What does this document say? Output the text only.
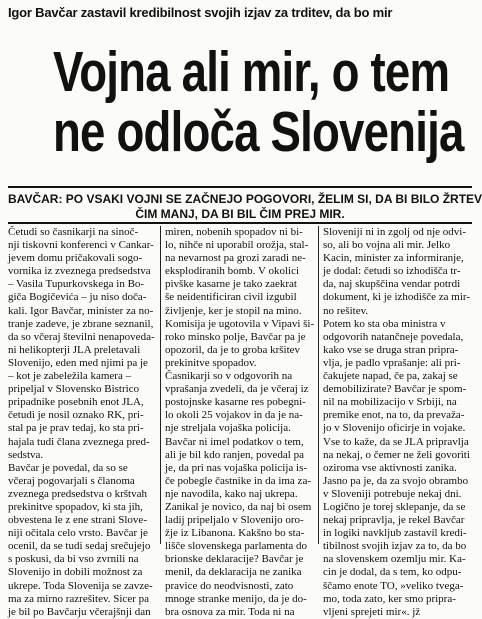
Igor Bavčar zastavil kredibilnost svojih izjav za trditev, da bo mir
Vojna ali mir, o tem
ne odloča Slovenija
BAVČAR: PO VSAKI VOJNI SE ZAČNEJO POGOVORI, ŽELIM SI, DA BI BILO ŽRTEV
ČIM MANJ, DA BI BIL ČIM PREJ MIR.
Četudi so časnikarji na sinoč-
nji tiskovni konferenci v Cankar-
jevem domu pričakovali sogo-
vornika iz zveznega predsedstva
– Vasila Tupurkovskega in Bo-
giča Bogičevića – ju niso doča-
kali. Igor Bavčar, minister za no-
tranje zadeve, je zbrane seznanil,
da so včeraj številni nenapoveda-
ni helikopterji JLA preletavali
Slovenijo, eden med njimi pa je
– kot je zabeležila kamera –
pripeljal v Slovensko Bistrico
pripadnike posebnih enot JLA,
četudi je nosil oznako RK, pri-
stal pa je prav tedaj, ko sta pri-
hajala tudi člana zveznega pred-
sedstva.
Bavčar je povedal, da so se
včeraj pogovarjali s članoma
zveznega predsedstva o krštvah
prekinitve spopadov, ki sta jih,
obvestena le z ene strani Slove-
niji očitala celo vrsto. Bavčar je
ocenil, da se tudi sedaj srečujejo
s poskusi, da bi vso zvrnili na
Slovenijo in dobili možnost za
ukrepe. Toda Slovenija se zavze-
ma za mirno razrešitev. Sicer pa
je bil po Bavčarju včerajšnji dan
miren, nobenih spopadov ni bi-
lo, nihče ni uporabil orožja, stal-
na nevarnost pa grozi zaradi ne-
eksplodiranih bomb. V okolici
pivške kasarne je tako zaekrat
še neidentificiran civil izgubil
življenje, ker je stopil na mino.
Komisija je ugotovila v Vipavi ši-
roko minsko polje, Bavčar pa je
opozoril, da je to groba kršitev
prekinitve spopadov.
Časnikarji so v odgovorih na
vprašanja zvedeli, da je včeraj iz
postojnske kasarne res pobegni-
lo okoli 25 vojakov in da je na-
nje streljala vojaška policija.
Bavčar ni imel podatkov o tem,
ali je bil kdo ranjen, povedal pa
je, da pri nas vojaška policija is-
če pobegle častnike in da ima za-
nje navodila, kako naj ukrepa.
Zanikal je novico, da naj bi osem
ladij pripeljalo v Slovenijo oro-
žje iz Libanona. Kakšno bo sta-
lišče slovenskega parlamenta do
brionske deklaracije? Bavčar je
menil, da deklaracija ne zanika
pravice do neodvisnosti, zato
mnoge stranke menijo, da je do-
bra osnova za mir. Toda ni na
Sloveniji ni in zgolj od nje odvi-
so, ali bo vojna ali mir. Jelko
Kacin, minister za informiranje,
je dodal: četudi so izhodišča tr-
da, naj skupščina vendar potrdi
dokument, ki je izhodišče za mir-
no rešitev.
Potem ko sta oba ministra v
odgovorih natančneje povedala,
kako vse se druga stran pripra-
vlja, je padlo vprašanje: ali pri-
čakujete napad, če pa, zakaj se
demobilizirate? Bavčar je spom-
nil na mobilizacijo v Srbiji, na
premike enot, na to, da prevaža-
jo v Slovenijo oficirje in vojake.
Vse to kaže, da se JLA pripravlja
na nekaj, o čemer ne želi govoriti
oziroma vse aktivnosti zanika.
Jasno pa je, da za svojo obrambo
v Sloveniji potrebuje nekaj dni.
Logično je torej sklepanje, da se
nekaj pripravlja, je rekel Bavčar
in logiki navkljub zastavil kredi-
tibilnost svojih izjav za to, da bo
na slovenskem ozemlju mir. Ka-
cin je dodal, da s tem, ko odpu-
ščamo enote TO, »veliko tvega-
mo, toda zato, ker smo pripra-
vljeni spreјeti mir«. jž
